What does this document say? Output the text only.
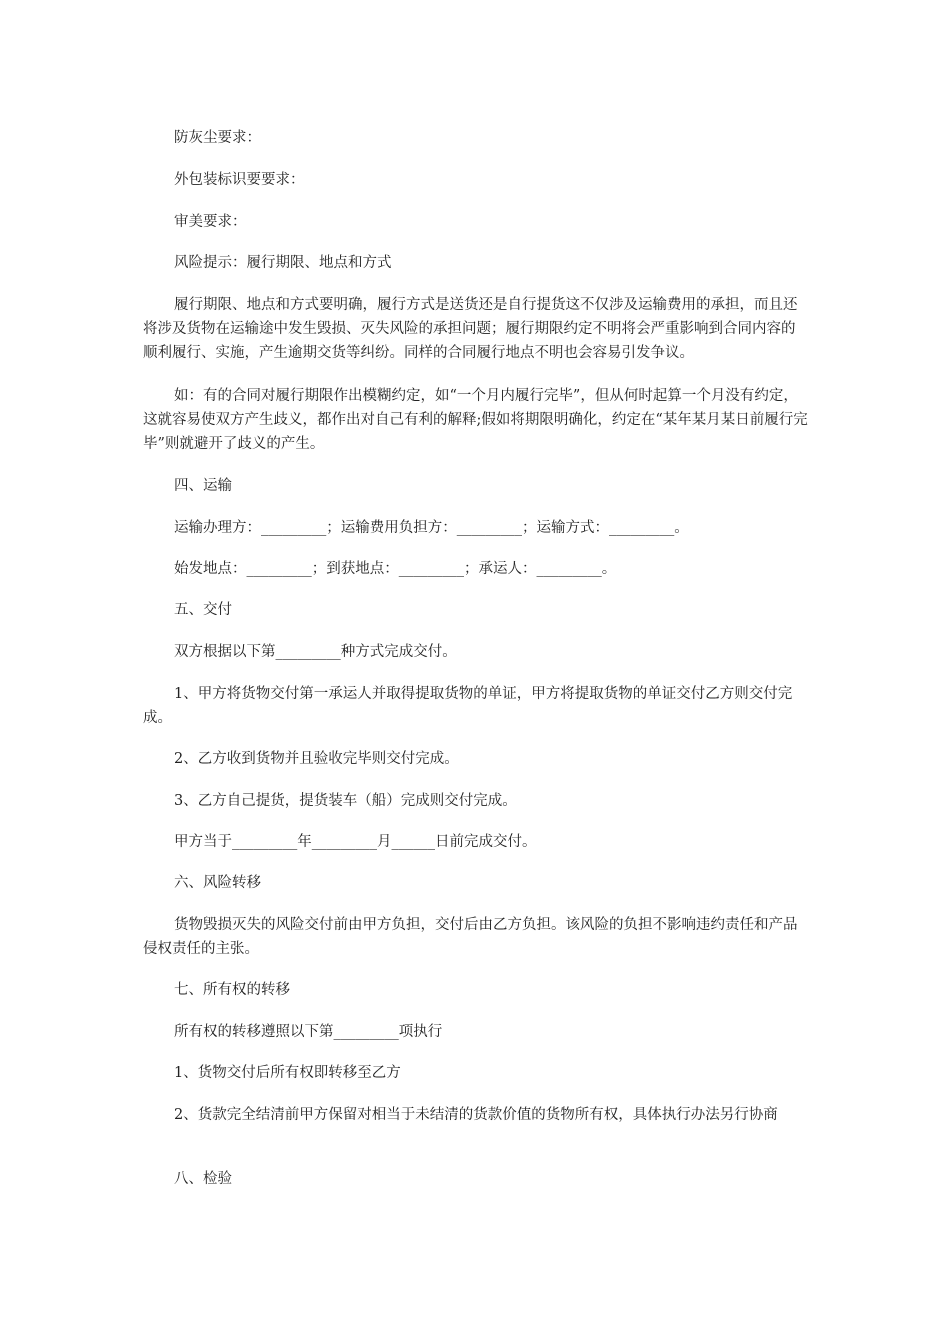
防灰尘要求：

外包装标识要要求：

审美要求：

风险提示：履行期限、地点和方式

履行期限、地点和方式要明确，履行方式是送货还是自行提货这不仅涉及运输费用的承担，而且还将涉及货物在运输途中发生毁损、灭失风险的承担问题；履行期限约定不明将会严重影响到合同内容的顺利履行、实施，产生逾期交货等纠纷。同样的合同履行地点不明也会容易引发争议。

如：有的合同对履行期限作出模糊约定，如“一个月内履行完毕”，但从何时起算一个月没有约定，这就容易使双方产生歧义，都作出对自己有利的解释;假如将期限明确化，约定在“某年某月某日前履行完毕”则就避开了歧义的产生。

四、运输

运输办理方：_________；运输费用负担方：_________；运输方式：_________。

始发地点：_________；到获地点：_________；承运人：_________。

五、交付

双方根据以下第_________种方式完成交付。

1、甲方将货物交付第一承运人并取得提取货物的单证，甲方将提取货物的单证交付乙方则交付完成。

2、乙方收到货物并且验收完毕则交付完成。

3、乙方自己提货，提货装车（船）完成则交付完成。

甲方当于_________年_________月______日前完成交付。

六、风险转移

货物毁损灭失的风险交付前由甲方负担，交付后由乙方负担。该风险的负担不影响违约责任和产品侵权责任的主张。

七、所有权的转移

所有权的转移遵照以下第_________项执行

1、货物交付后所有权即转移至乙方

2、货款完全结清前甲方保留对相当于未结清的货款价值的货物所有权，具体执行办法另行协商

八、检验
